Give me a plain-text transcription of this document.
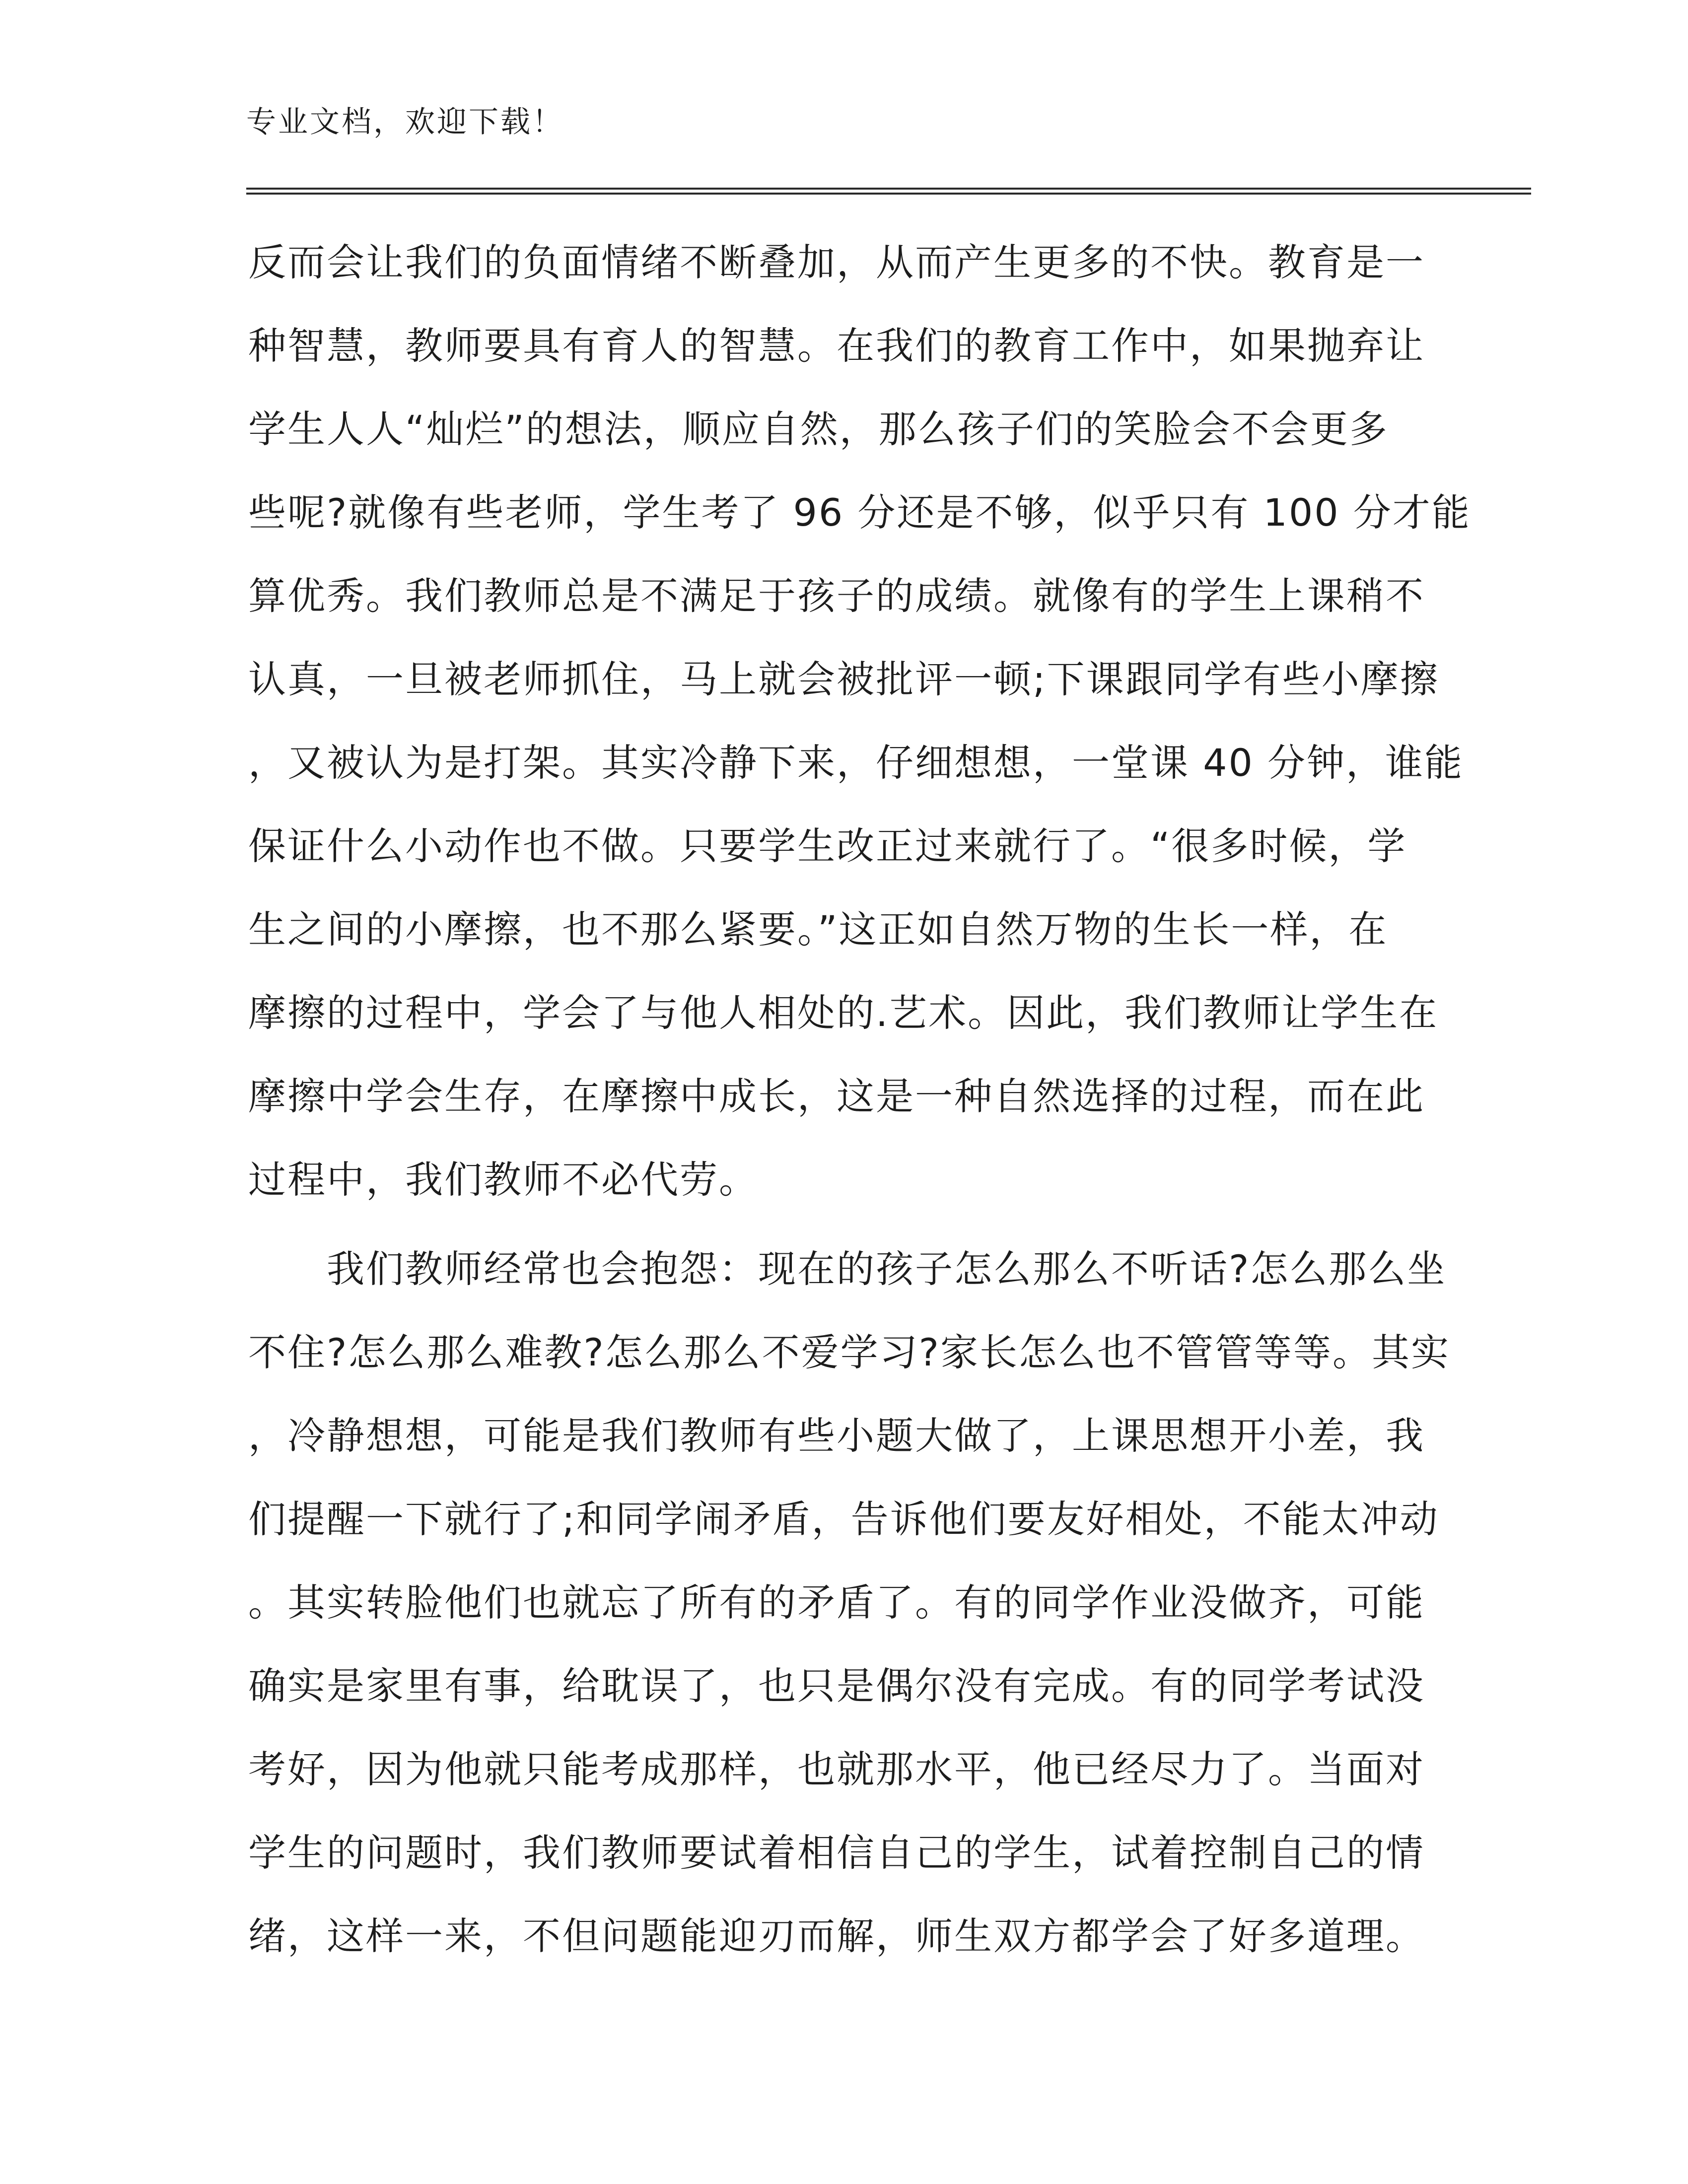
专业文档，欢迎下载！
反而会让我们的负面情绪不断叠加，从而产生更多的不快。教育是一
种智慧，教师要具有育人的智慧。在我们的教育工作中，如果抛弃让
学生人人“灿烂”的想法，顺应自然，那么孩子们的笑脸会不会更多
些呢?就像有些老师，学生考了 96 分还是不够，似乎只有 100 分才能
算优秀。我们教师总是不满足于孩子的成绩。就像有的学生上课稍不
认真，一旦被老师抓住，马上就会被批评一顿;下课跟同学有些小摩擦
，又被认为是打架。其实冷静下来，仔细想想，一堂课 40 分钟，谁能
保证什么小动作也不做。只要学生改正过来就行了。“很多时候，学
生之间的小摩擦，也不那么紧要。”这正如自然万物的生长一样，在
摩擦的过程中，学会了与他人相处的.艺术。因此，我们教师让学生在
摩擦中学会生存，在摩擦中成长，这是一种自然选择的过程，而在此
过程中，我们教师不必代劳。
　　我们教师经常也会抱怨：现在的孩子怎么那么不听话?怎么那么坐
不住?怎么那么难教?怎么那么不爱学习?家长怎么也不管管等等。其实
，冷静想想，可能是我们教师有些小题大做了，上课思想开小差，我
们提醒一下就行了;和同学闹矛盾，告诉他们要友好相处，不能太冲动
。其实转脸他们也就忘了所有的矛盾了。有的同学作业没做齐，可能
确实是家里有事，给耽误了，也只是偶尔没有完成。有的同学考试没
考好，因为他就只能考成那样，也就那水平，他已经尽力了。当面对
学生的问题时，我们教师要试着相信自己的学生，试着控制自己的情
绪，这样一来，不但问题能迎刃而解，师生双方都学会了好多道理。
